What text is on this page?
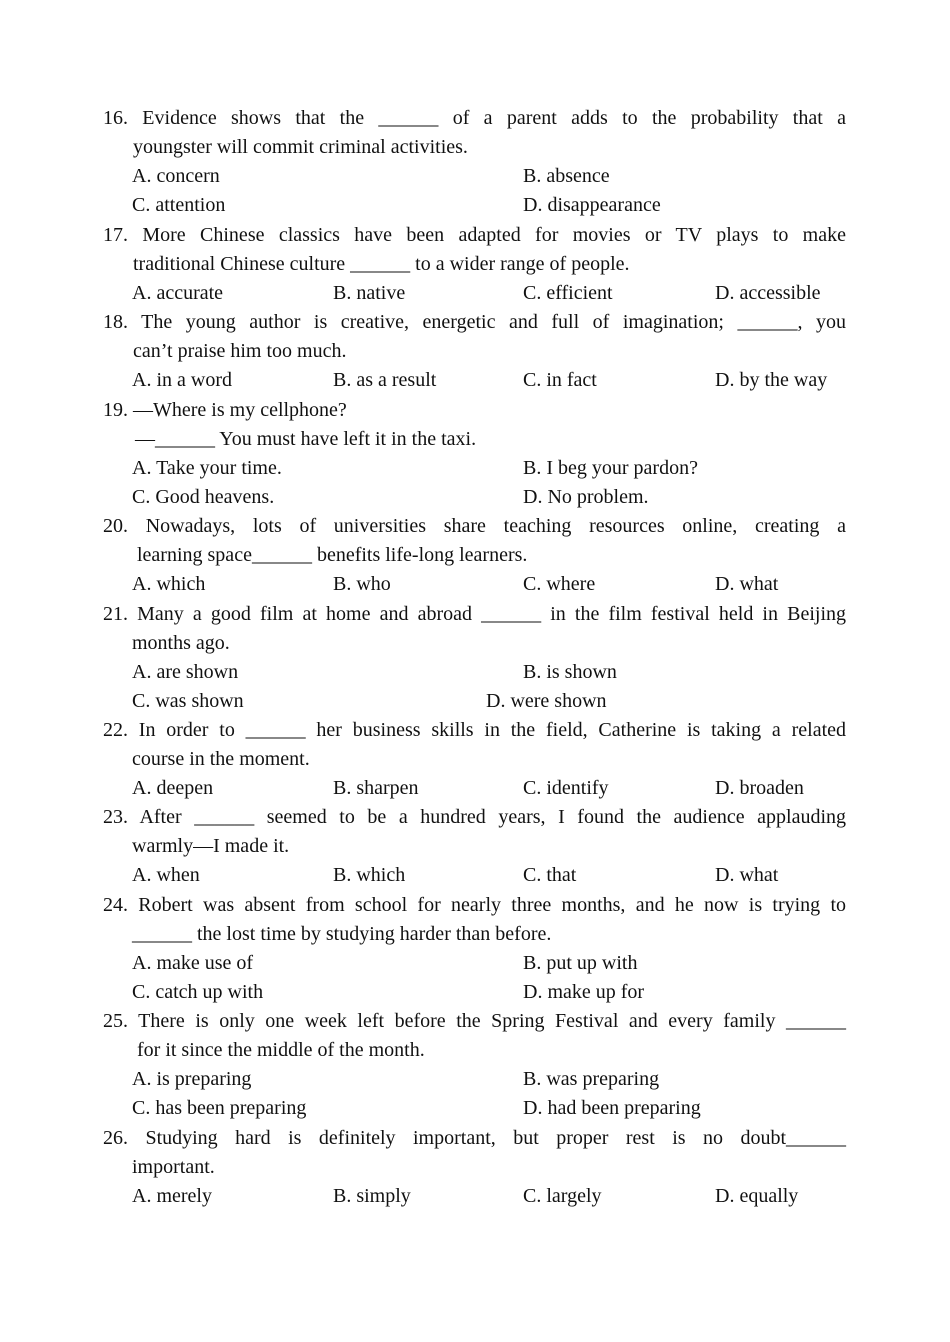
16. Evidence shows that the ______ of a parent adds to the probability that a
youngster will commit criminal activities.
A. concern	B. absence
C. attention	D. disappearance
17. More Chinese classics have been adapted for movies or TV plays to make
traditional Chinese culture ______ to a wider range of people.
A. accurate	B. native	C. efficient	D. accessible
18. The young author is creative, energetic and full of imagination; ______, you
can’t praise him too much.
A. in a word	B. as a result	C. in fact	D. by the way
19. —Where is my cellphone?
—______ You must have left it in the taxi.
A. Take your time.	B. I beg your pardon?
C. Good heavens.	D. No problem.
20. Nowadays, lots of universities share teaching resources online, creating a
learning space______ benefits life-long learners.
A. which	B. who	C. where	D. what
21. Many a good film at home and abroad ______ in the film festival held in Beijing
months ago.
A. are shown	B. is shown
C. was shown	D. were shown
22. In order to ______ her business skills in the field, Catherine is taking a related
course in the moment.
A. deepen	B. sharpen	C. identify	D. broaden
23. After ______ seemed to be a hundred years, I found the audience applauding
warmly—I made it.
A. when	B. which	C. that	D. what
24. Robert was absent from school for nearly three months, and he now is trying to
______ the lost time by studying harder than before.
A. make use of	B. put up with
C. catch up with	D. make up for
25. There is only one week left before the Spring Festival and every family ______
for it since the middle of the month.
A. is preparing	B. was preparing
C. has been preparing	D. had been preparing
26. Studying hard is definitely important, but proper rest is no doubt______
important.
A. merely	B. simply	C. largely	D. equally
